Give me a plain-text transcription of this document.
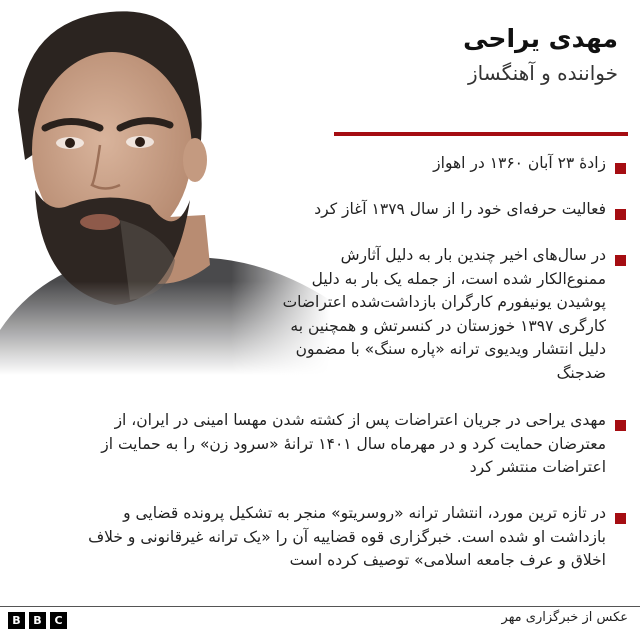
مهدی یراحی
خواننده و آهنگساز
زادهٔ ۲۳ آبان ۱۳۶۰ در اهواز
فعالیت حرفه‌ای خود را از سال ۱۳۷۹ آغاز کرد
در سال‌های اخیر چندین بار به دلیل آثارش ممنوع‌الکار شده است، از جمله یک بار به دلیل پوشیدن یونیفورم کارگران بازداشت‌شده اعتراضات کارگری ۱۳۹۷ خوزستان در کنسرتش و همچنین به دلیل انتشار ویدیوی ترانه «پاره سنگ» با مضمون ضدجنگ
مهدی یراحی در جریان اعتراضات پس از کشته شدن مهسا امینی در ایران، از معترضان حمایت کرد و در مهرماه سال ۱۴۰۱ ترانهٔ «سرود زن» را به حمایت از اعتراضات منتشر کرد
در تازه ترین مورد، انتشار ترانه «روسریتو» منجر به تشکیل پرونده قضایی و بازداشت او شده است. خبرگزاری قوه قضاییه آن را «یک ترانه غیرقانونی و خلاف اخلاق و عرف جامعه اسلامی» توصیف کرده است
B	B	C	عکس از خبرگزاری مهر
